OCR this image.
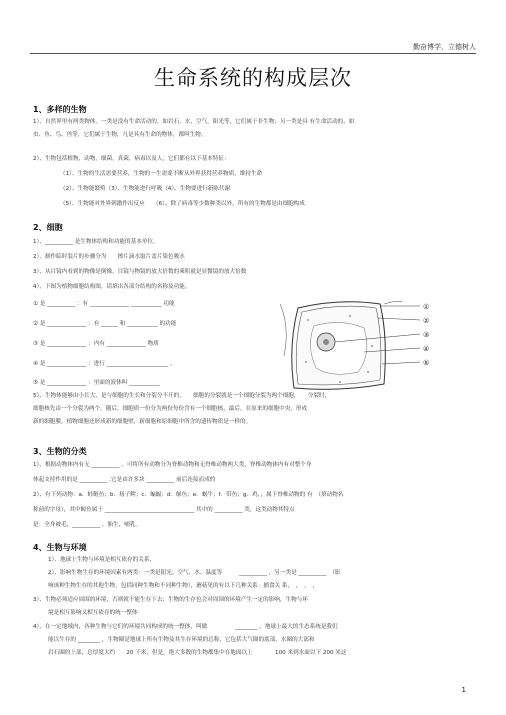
勤奋博学，立德树人
生命系统的构成层次
1、多样的生物
1）、自然界里有两类物体，一类是没有生命活动的，如岩石，水，空气，阳光等，它们属于非生物；另一类是具 有生命活动的，如
虫、鱼、鸟、兽等，它们属于生物，凡是具有生命的物体，都叫生物。
2）、生物包括植物，动物，细菌，真菌，病毒以及人，它们都有以下基本特征：
（1）、生物的生活需要营养，生物的一生需要不断从外界获得营养物质，维持生命
（2）、生物能繁殖（3）、生物能进行呼吸（4）、生物要进行新陈代谢
（5）、生物能对外界刺激作出反应　　（6）、除了病毒等少数种类以外，所有的生物都是由细胞构成
2、细胞
1）、__________ 是生物体结构和功能的基本单位，
2）、制作临时装片的步骤分为　　擦片滴水取片盖片染色吸水
3）、从目镜内看到的物像是倒像，目镜与物镜的放大倍数的乘积就是显微镜的放大倍数
4）、下图为植物细胞结构图，请填出各部分结构的名称及功能。
① 是 __________ ：有 ______________ ___________ 功能
② 是 ______________ ：有 ______ 和 ___________ 的功能
③ 是 ______________ ：内有 ______________ 物质
④ 是 ______________ ：进行 ______________________ 。
⑤ 是 ______________ ：里面的液体叫 ___________
5）、生物体能够由小长大，是与细胞的生长和分裂分不开的，　　细胞的分裂就是一个细胞分裂为两个细胞，　　分裂时，
细胞核先由一个分裂为两个，随后，细胞质一份分为两份每份含有一个细胞核，最后，在原来的细胞中央，形成
新的细胞膜，植物细胞还形成新的细胞壁，新细胞和原细胞中所含的遗传物质是一样的。
①
②
③
④
⑤
3、生物的分类
1）、根据动物体内有无 __________ ，可将所有动物分为脊椎动物和无脊椎动物两大类，脊椎动物体内有对整个身
体起支持作用的是 __________ ,它是由许多块 __________ 前后连接而成的
2）、有下列动物：a．蛙鲢鱼；b．扬子鳄；c．蝙蝠；d．鲸鱼；e．蜗牛；f．带鱼；g．鸡，，属于脊椎动物的 有　（填动物名
称前的字母），其中鲸鱼属于 ________________________________ 其中的 __________ 类，这类动物其特点
是：全身被毛，__________ ，胎生，哺乳。
4、生物与环境
1）、地球上生物与环境是相互依存的关系，
2）、影响生物生存的环境因素有两类：一类是阳光、空气、水、温度等　　　__________ ，另一类是 __________　（影
响该种生物生存的其他生物，包括同种生物和不同种生物），蘑菇见的有以下几种关系：捕食关 系，　，　，　，
3）、生物必须适应周围的环境，否则就不能生存下去；生物的生存也会对周围的环境产生一定的影响，生物与环
境是相互影响又相互依存的统一整体
4）、在一定地域内，各种生物与它们的环境共同构成的统一整体，叫做　　　　　________ 。地球上最大的生态系统是我们
能以生存的 ________ ，生物圈是地球上所有生物及其生存环境的总称，它包括大气圈的底部、水圈的大部和
岩石圈的上部，总厚度大约　　20 千米，但是，绝大多数的生物都集中在地面以上　　　　100 米到水面以下 200 米这
1
